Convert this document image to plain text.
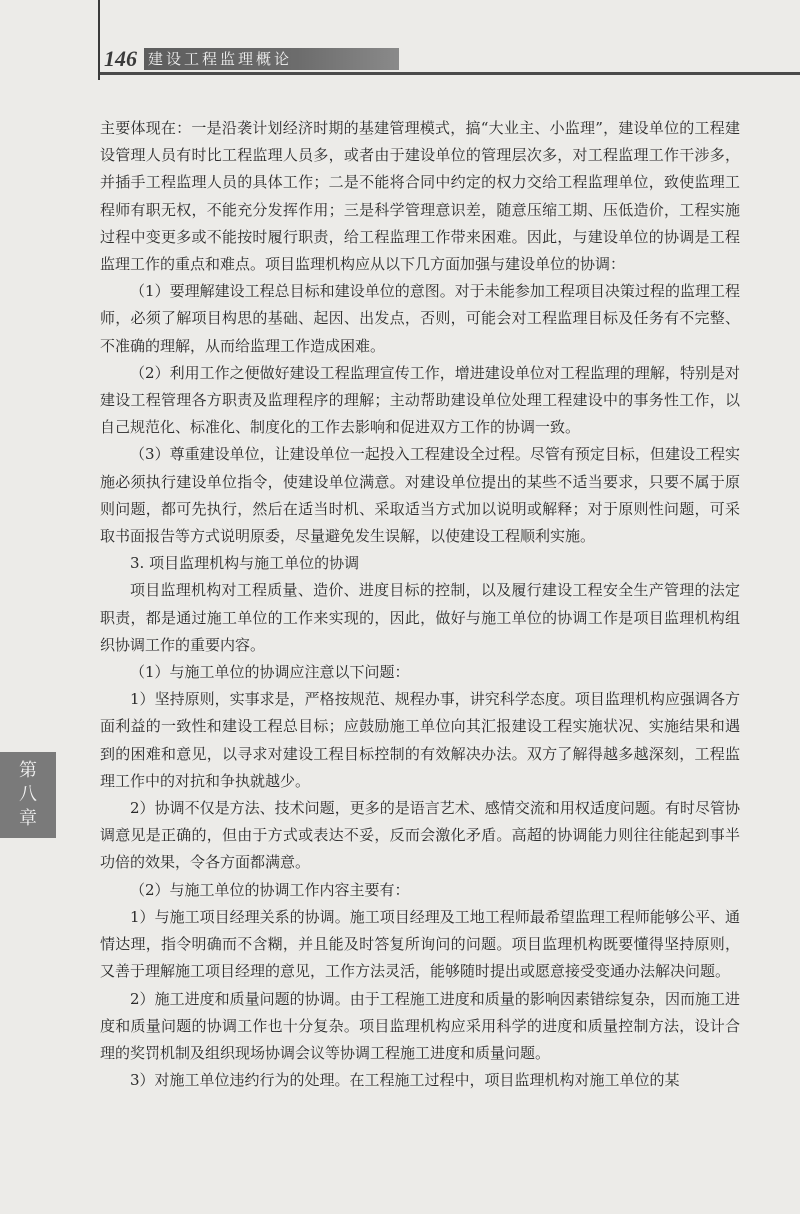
146 建设工程监理概论
第
八
章

主要体现在：一是沿袭计划经济时期的基建管理模式，搞“大业主、小监理”，建设单位的工程建设管理人员有时比工程监理人员多，或者由于建设单位的管理层次多，对工程监理工作干涉多，并插手工程监理人员的具体工作；二是不能将合同中约定的权力交给工程监理单位，致使监理工程师有职无权，不能充分发挥作用；三是科学管理意识差，随意压缩工期、压低造价，工程实施过程中变更多或不能按时履行职责，给工程监理工作带来困难。因此，与建设单位的协调是工程监理工作的重点和难点。项目监理机构应从以下几方面加强与建设单位的协调：

（1）要理解建设工程总目标和建设单位的意图。对于未能参加工程项目决策过程的监理工程师，必须了解项目构思的基础、起因、出发点，否则，可能会对工程监理目标及任务有不完整、不准确的理解，从而给监理工作造成困难。

（2）利用工作之便做好建设工程监理宣传工作，增进建设单位对工程监理的理解，特别是对建设工程管理各方职责及监理程序的理解；主动帮助建设单位处理工程建设中的事务性工作，以自己规范化、标准化、制度化的工作去影响和促进双方工作的协调一致。

（3）尊重建设单位，让建设单位一起投入工程建设全过程。尽管有预定目标，但建设工程实施必须执行建设单位指令，使建设单位满意。对建设单位提出的某些不适当要求，只要不属于原则问题，都可先执行，然后在适当时机、采取适当方式加以说明或解释；对于原则性问题，可采取书面报告等方式说明原委，尽量避免发生误解，以使建设工程顺利实施。

3. 项目监理机构与施工单位的协调

项目监理机构对工程质量、造价、进度目标的控制，以及履行建设工程安全生产管理的法定职责，都是通过施工单位的工作来实现的，因此，做好与施工单位的协调工作是项目监理机构组织协调工作的重要内容。

（1）与施工单位的协调应注意以下问题：

1）坚持原则，实事求是，严格按规范、规程办事，讲究科学态度。项目监理机构应强调各方面利益的一致性和建设工程总目标；应鼓励施工单位向其汇报建设工程实施状况、实施结果和遇到的困难和意见，以寻求对建设工程目标控制的有效解决办法。双方了解得越多越深刻，工程监理工作中的对抗和争执就越少。

2）协调不仅是方法、技术问题，更多的是语言艺术、感情交流和用权适度问题。有时尽管协调意见是正确的，但由于方式或表达不妥，反而会激化矛盾。高超的协调能力则往往能起到事半功倍的效果，令各方面都满意。

（2）与施工单位的协调工作内容主要有：

1）与施工项目经理关系的协调。施工项目经理及工地工程师最希望监理工程师能够公平、通情达理，指令明确而不含糊，并且能及时答复所询问的问题。项目监理机构既要懂得坚持原则，又善于理解施工项目经理的意见，工作方法灵活，能够随时提出或愿意接受变通办法解决问题。

2）施工进度和质量问题的协调。由于工程施工进度和质量的影响因素错综复杂，因而施工进度和质量问题的协调工作也十分复杂。项目监理机构应采用科学的进度和质量控制方法，设计合理的奖罚机制及组织现场协调会议等协调工程施工进度和质量问题。

3）对施工单位违约行为的处理。在工程施工过程中，项目监理机构对施工单位的某
